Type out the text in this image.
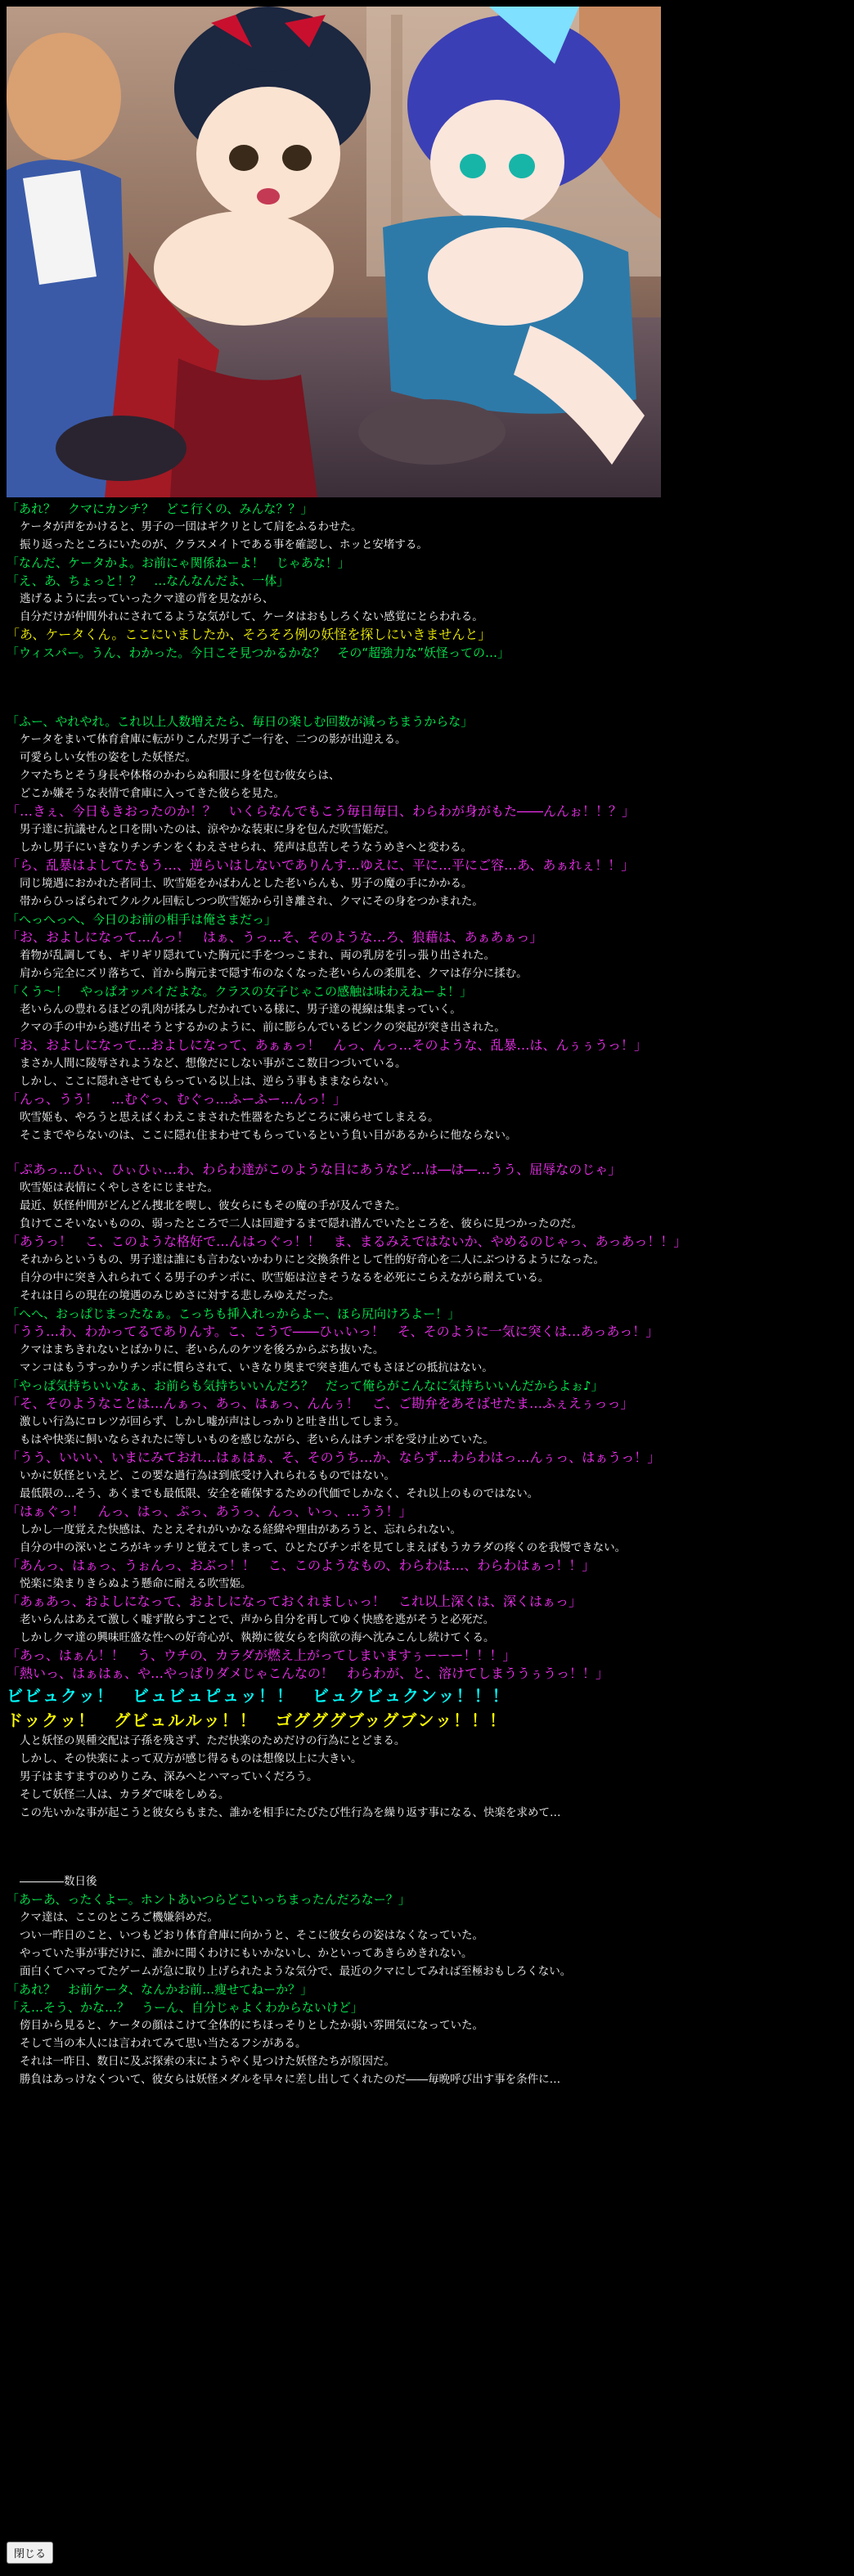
「あれ？　クマにカンチ？　どこ行くの、みんな？？」
ケータが声をかけると、男子の一団はギクリとして肩をふるわせた。
振り返ったところにいたのが、クラスメイトである事を確認し、ホッと安堵する。
「なんだ、ケータかよ。お前にゃ関係ねーよ！　じゃあな！」
「え、あ、ちょっと！？　…なんなんだよ、一体」
逃げるように去っていったクマ達の背を見ながら、
自分だけが仲間外れにされてるような気がして、ケータはおもしろくない感覚にとらわれる。
「あ、ケータくん。ここにいましたか、そろそろ例の妖怪を探しにいきませんと」
「ウィスパー。うん、わかった。今日こそ見つかるかな？　その“超強力な”妖怪っての…」
「ふー、やれやれ。これ以上人数増えたら、毎日の楽しむ回数が減っちまうからな」
ケータをまいて体育倉庫に転がりこんだ男子ご一行を、二つの影が出迎える。
可愛らしい女性の姿をした妖怪だ。
クマたちとそう身長や体格のかわらぬ和服に身を包む彼女らは、
どこか嫌そうな表情で倉庫に入ってきた彼らを見た。
「…きぇ、今日もきおったのか！？　いくらなんでもこう毎日毎日、わらわが身がもた――んんぉ！！？」
男子達に抗議せんと口を開いたのは、涼やかな装束に身を包んだ吹雪姫だ。
しかし男子にいきなりチンチンをくわえさせられ、発声は息苦しそうなうめきへと変わる。
「ら、乱暴はよしてたもう…、逆らいはしないでありんす…ゆえに、平に…平にご容…あ、あぁれぇ！！」
同じ境遇におかれた者同士、吹雪姫をかばわんとした老いらんも、男子の魔の手にかかる。
帯からひっぱられてクルクル回転しつつ吹雪姫から引き離され、クマにその身をつかまれた。
「へっへっへ、今日のお前の相手は俺さまだっ」
「お、およしになって…んっ！　はぁ、うっ…そ、そのような…ろ、狼藉は、あぁあぁっ」
着物が乱調しても、ギリギリ隠れていた胸元に手をつっこまれ、両の乳房を引っ張り出された。
肩から完全にズリ落ちて、首から胸元まで隠す布のなくなった老いらんの柔肌を、クマは存分に揉む。
「くう～！　やっぱオッパイだよな。クラスの女子じゃこの感触は味わえねーよ！」
老いらんの豊れるほどの乳肉が揉みしだかれている様に、男子達の視線は集まっていく。
クマの手の中から逃げ出そうとするかのように、前に膨らんでいるピンクの突起が突き出された。
「お、およしになって…およしになって、あぁぁっ！　んっ、んっ…そのような、乱暴…は、んぅぅうっ！」
まさか人間に陵辱されようなど、想像だにしない事がここ数日つづいている。
しかし、ここに隠れさせてもらっている以上は、逆らう事もままならない。
「んっ、うう！　…むぐっ、むぐっ…ふーふー…んっ！」
吹雪姫も、やろうと思えばくわえこまされた性器をたちどころに凍らせてしまえる。
そこまでやらないのは、ここに隠れ住まわせてもらっているという負い目があるからに他ならない。
「ぷあっ…ひぃ、ひぃひぃ…わ、わらわ達がこのような目にあうなど…は―は―…うう、屈辱なのじゃ」
吹雪姫は表情にくやしさをにじませた。
最近、妖怪仲間がどんどん捜北を喫し、彼女らにもその魔の手が及んできた。
負けてこそいないものの、弱ったところで二人は回避するまで隠れ潜んでいたところを、彼らに見つかったのだ。
「あうっ！　こ、このような格好で…んはっぐっ！！　ま、まるみえではないか、やめるのじゃっ、あっあっ！！」
それからというもの、男子達は誰にも言わないかわりにと交換条件として性的好奇心を二人にぶつけるようになった。
自分の中に突き入れられてくる男子のチンポに、吹雪姫は泣きそうなるを必死にこらえながら耐えている。
それは日らの現在の境遇のみじめさに対する悲しみゆえだった。
「へへ、おっぱじまったなぁ。こっちも挿入れっからよー、ほら尻向けろよー！」
「うう…わ、わかってるでありんす。こ、こうで――ひぃいっ！　そ、そのように一気に突くは…あっあっ！」
クマはまちきれないとばかりに、老いらんのケツを後ろからぶち抜いた。
マンコはもうすっかりチンポに慣らされて、いきなり奥まで突き進んでもさほどの抵抗はない。
「やっぱ気持ちいいなぁ、お前らも気持ちいいんだろ？　だって俺らがこんなに気持ちいいんだからよぉ♪」
「そ、そのようなことは…んぁっ、あっ、はぁっ、んんぅ！　ご、ご勘弁をあそばせたま…ふぇえぅっっ」
激しい行為にロレツが回らず、しかし嘘が声はしっかりと吐き出してしまう。
もはや快楽に飼いならされたに等しいものを感じながら、老いらんはチンポを受け止めていた。
「うう、いいい、いまにみておれ…はぁはぁ、そ、そのうち…か、ならず…わらわはっ…んぅっ、はぁうっ！」
いかに妖怪といえど、この要な過行為は到底受け入れられるものではない。
最低限の…そう、あくまでも最低限、安全を確保するための代価でしかなく、それ以上のものではない。
「はぁぐっ！　んっ、はっ、ぷっ、あうっ、んっ、いっ、…うう！」
しかし一度覚えた快感は、たとえそれがいかなる経緯や理由があろうと、忘れられない。
自分の中の深いところがキッチリと覚えてしまって、ひとたびチンポを見てしまえばもうカラダの疼くのを我慢できない。
「あんっ、はぁっ、うぉんっ、おぶっ！！　こ、このようなもの、わらわは…、わらわはぁっ！！」
悦楽に染まりきらぬよう懸命に耐える吹雪姫。
「あぁあっ、およしになって、およしになっておくれましぃっ！　これ以上深くは、深くはぁっ」
老いらんはあえて激しく嘘ず散らすことで、声から自分を再してゆく快感を逃がそうと必死だ。
しかしクマ達の興味旺盛な性への好奇心が、執拗に彼女らを肉欲の海へ沈みこんし続けてくる。
「あっ、はぁん！！　う、ウチの、カラダが燃え上がってしまいますぅーーー！！！」
「熱いっ、はぁはぁ、や…やっぱりダメじゃこんなの！　わらわが、と、溶けてしまううぅうっ！！」
ビビュクッ！　ビュビュピュッ！！　ビュクビュクンッ！！！
ドックッ！　グビュルルッ！！　ゴグググブッグブンッ！！！
人と妖怪の異種交配は子孫を残さず、ただ快楽のためだけの行為にとどまる。
しかし、その快楽によって双方が感じ得るものは想像以上に大きい。
男子はますますのめりこみ、深みへとハマっていくだろう。
そして妖怪二人は、カラダで味をしめる。
この先いかな事が起こうと彼女らもまた、誰かを相手にたびたび性行為を繰り返す事になる、快楽を求めて…
――――数日後
「あーあ、ったくよー。ホントあいつらどこいっちまったんだろなー？」
クマ達は、ここのところご機嫌斜めだ。
つい一昨日のこと、いつもどおり体育倉庫に向かうと、そこに彼女らの姿はなくなっていた。
やっていた事が事だけに、誰かに聞くわけにもいかないし、かといってあきらめきれない。
面白くてハマってたゲームが急に取り上げられたような気分で、最近のクマにしてみれば至極おもしろくない。
「あれ？　お前ケータ、なんかお前…痩せてねーか？」
「え…そう、かな…？　うーん、自分じゃよくわからないけど」
傍目から見ると、ケータの顔はこけて全体的にちほっそりとしたか弱い雰囲気になっていた。
そして当の本人には言われてみて思い当たるフシがある。
それは一昨日、数日に及ぶ探索の末にようやく見つけた妖怪たちが原因だ。
勝負はあっけなくついて、彼女らは妖怪メダルを早々に差し出してくれたのだ――毎晩呼び出す事を条件に…
閉じる
